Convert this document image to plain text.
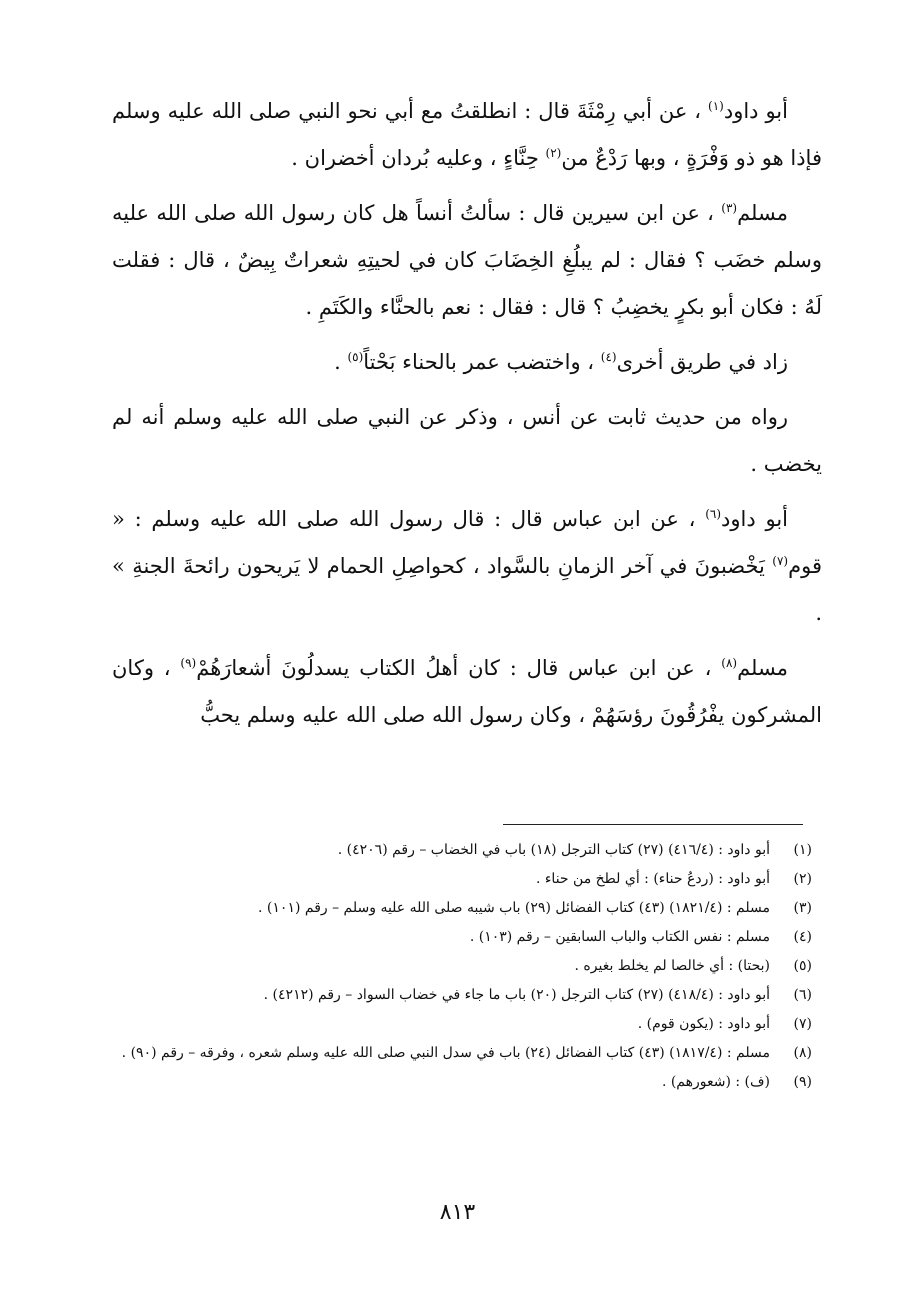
أبو داود$^{(١)}$ ، عن أبي رِمْثَةَ قال : انطلقتُ مع أبي نحو النبي صلى الله عليه وسلم فإذا هو ذو وَفْرَةٍ ، وبها رَدْعٌ من$^{(٢)}$ حِنَّاءٍ ، وعليه بُردان أخضران .

مسلم$^{(٣)}$ ، عن ابن سيرين قال : سألتُ أنساً هل كان رسول الله صلى الله عليه وسلم خضَب ؟ فقال : لم يبلُغِ الخِضَابَ كان في لحيتِهِ شعراتٌ بِيضٌ ، قال : فقلت لَهُ : فكان أبو بكرٍ يخضِبُ ؟ قال : فقال : نعم بالحنَّاء والكَتَمِ .

زاد في طريق أخرى$^{(٤)}$ ، واختضب عمر بالحناء بَحْتاً$^{(٥)}$ .

رواه من حديث ثابت عن أنس ، وذكر عن النبي صلى الله عليه وسلم أنه لم يخضب .

أبو داود$^{(٦)}$ ، عن ابن عباس قال : قال رسول الله صلى الله عليه وسلم : « قوم$^{(٧)}$ يَخْضبونَ في آخر الزمانِ بالسَّواد ، كحواصِلِ الحمام لا يَريحون رائحةَ الجنةِ » .

مسلم$^{(٨)}$ ، عن ابن عباس قال : كان أهلُ الكتاب يسدلُونَ أشعارَهُمْ$^{(٩)}$ ، وكان المشركون يفْرُقُونَ رؤسَهُمْ ، وكان رسول الله صلى الله عليه وسلم يحبُّ

(١)
أبو داود : (٤١٦/٤) (٢٧) كتاب الترجل (١٨) باب في الخضاب – رقم (٤٢٠٦) .
(٢)
أبو داود : (ردعُ حناء) : أي لطخ من حناء .
(٣)
مسلم : (١٨٢١/٤) (٤٣) كتاب الفضائل (٢٩) باب شيبه صلى الله عليه وسلم – رقم (١٠١) .
(٤)
مسلم : نفس الكتاب والباب السابقين – رقم (١٠٣) .
(٥)
(بحتا) : أي خالصا لم يخلط بغيره .
(٦)
أبو داود : (٤١٨/٤) (٢٧) كتاب الترجل (٢٠) باب ما جاء في خضاب السواد – رقم (٤٢١٢) .
(٧)
أبو داود : (يكون قوم) .
(٨)
مسلم : (١٨١٧/٤) (٤٣) كتاب الفضائل (٢٤) باب في سدل النبي صلى الله عليه وسلم شعره ، وفرقه – رقم (٩٠) .
(٩)
(ف) : (شعورهم) .
٨١٣
